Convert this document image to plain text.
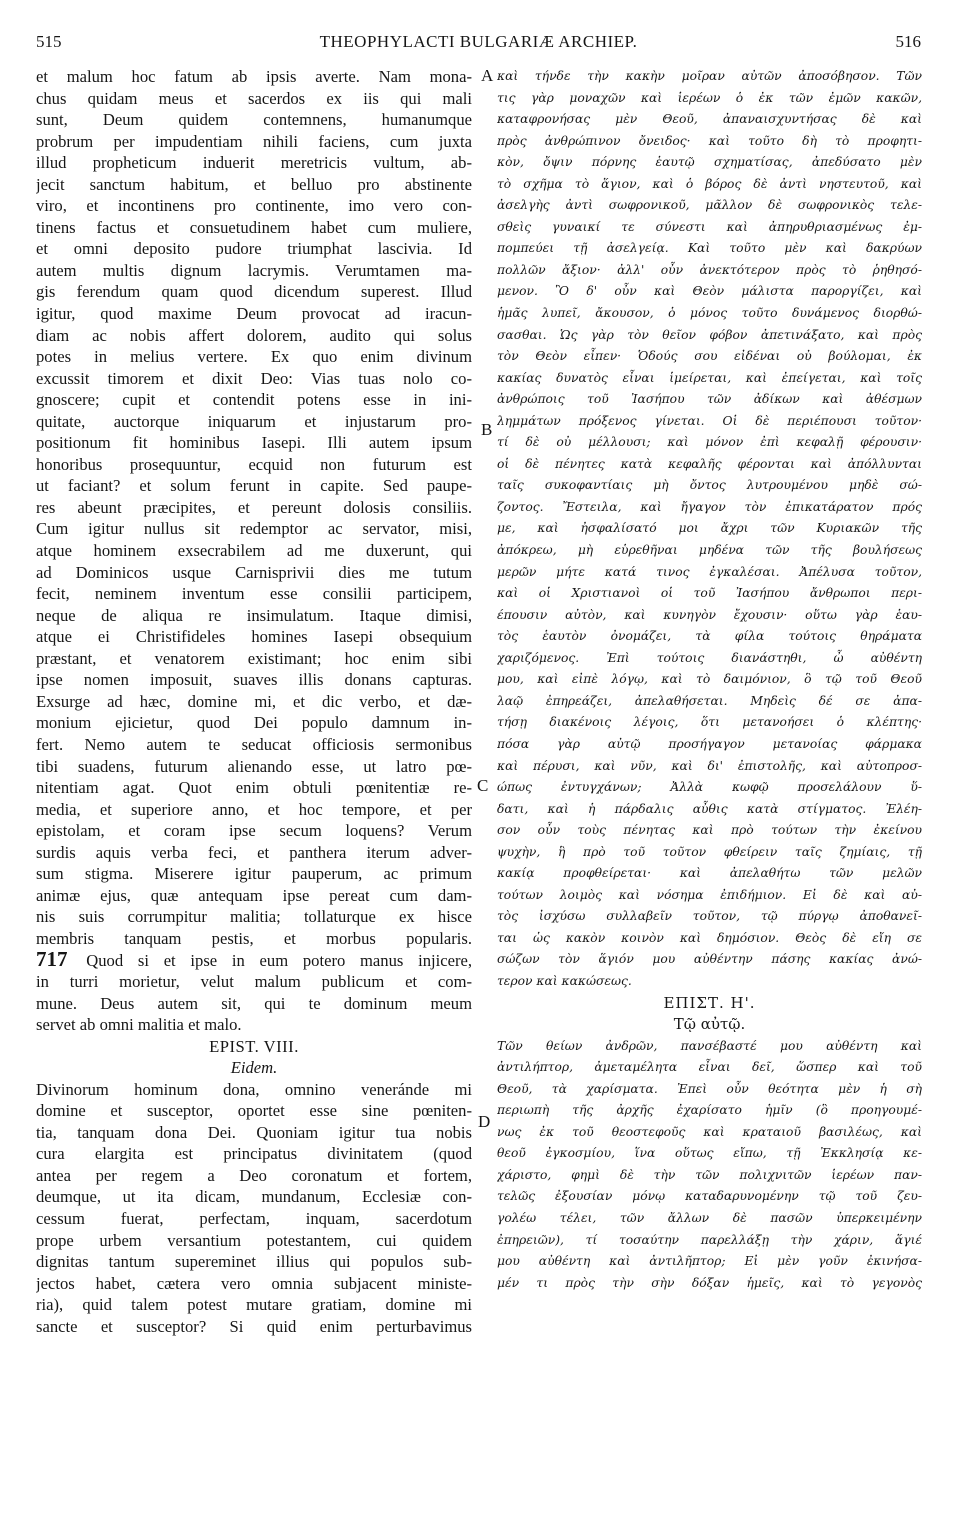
515	THEOPHYLACTI BULGARIÆ ARCHIEP.	516
A
B
C
D
et malum hoc fatum ab ipsis averte. Nam mona-
chus quidam meus et sacerdos ex iis qui mali
sunt, Deum quidem contemnens, humanumque
probrum per impudentiam nihili faciens, cum juxta
illud propheticum induerit meretricis vultum, ab-
jecit sanctum habitum, et belluo pro abstinente
viro, et incontinens pro continente, imo vero con-
tinens factus et consuetudinem habet cum muliere,
et omni deposito pudore triumphat lascivia. Id
autem multis dignum lacrymis. Verumtamen ma-
gis ferendum quam quod dicendum superest. Illud
igitur, quod maxime Deum provocat ad iracun-
diam ac nobis affert dolorem, audito qui solus
potes in melius vertere. Ex quo enim divinum
excussit timorem et dixit Deo: Vias tuas nolo co-
gnoscere; cupit et contendit potens esse in ini-
quitate, auctorque iniquarum et injustarum pro-
positionum fit hominibus Iasepi. Illi autem ipsum
honoribus prosequuntur, ecquid non futurum est
ut faciant? et solum ferunt in capite. Sed paupe-
res abeunt præcipites, et pereunt dolosis consiliis.
Cum igitur nullus sit redemptor ac servator, misi,
atque hominem exsecrabilem ad me duxerunt, qui
ad Dominicos usque Carnisprivii dies me tutum
fecit, neminem inventum esse consilii participem,
neque de aliqua re insimulatum. Itaque dimisi,
atque ei Christifideles homines Iasepi obsequium
præstant, et venatorem existimant; hoc enim sibi
ipse nomen imposuit, suaves illis donans capturas.
Exsurge ad hæc, domine mi, et dic verbo, et dæ-
monium ejicietur, quod Dei populo damnum in-
fert. Nemo autem te seducat officiosis sermonibus
tibi suadens, futurum alienando esse, ut latro pœ-
nitentiam agat. Quot enim obtuli pœnitentiæ re-
media, et superiore anno, et hoc tempore, et per
epistolam, et coram ipse secum loquens? Verum
surdis aquis verba feci, et panthera iterum adver-
sum stigma. Miserere igitur pauperum, ac primum
animæ ejus, quæ antequam ipse pereat cum dam-
nis suis corrumpitur malitia; tollaturque ex hisce
membris tanquam pestis, et morbus popularis.
717 Quod si et ipse in eum potero manus injicere,
in turri morietur, velut malum publicum et com-
mune. Deus autem sit, qui te dominum meum
servet ab omni malitia et malo.
EPIST. VIII.
Eidem.
Divinorum hominum dona, omnino veneránde mi
domine et susceptor, oportet esse sine pœniten-
tia, tanquam dona Dei. Quoniam igitur tua nobis
cura elargita est principatus divinitatem (quod
antea per regem a Deo coronatum et fortem,
deumque, ut ita dicam, mundanum, Ecclesiæ con-
cessum fuerat, perfectam, inquam, sacerdotum
prope urbem versantium potestantem, cui quidem
dignitas tantum supereminet illius qui populos sub-
jectos habet, cætera vero omnia subjacent ministe-
ria), quid talem potest mutare gratiam, domine mi
sancte et susceptor? Si quid enim perturbavimus
καὶ τήνδε τὴν κακὴν μοῖραν αὐτῶν ἀποσόβησον. Τῶν
τις γὰρ μοναχῶν καὶ ἱερέων ὁ ἐκ τῶν ἐμῶν κακῶν,
καταφρονήσας μὲν Θεοῦ, ἀπαναισχυντήσας δὲ καὶ
πρὸς ἀνθρώπινον ὄνειδος· καὶ τοῦτο δὴ τὸ προφητι-
κὸν, ὄψιν πόρνης ἑαυτῷ σχηματίσας, ἀπεδύσατο μὲν
τὸ σχῆμα τὸ ἅγιον, καὶ ὁ βόρος δὲ ἀντὶ νηστευτοῦ, καὶ
ἀσελγὴς ἀντὶ σωφρονικοῦ, μᾶλλον δὲ σωφρονικὸς τελε-
σθεὶς γυναικί τε σύνεστι καὶ ἀπηρυθριασμένως ἐμ-
πομπεύει τῇ ἀσελγείᾳ. Καὶ τοῦτο μὲν καὶ δακρύων
πολλῶν ἄξιον· ἀλλ' οὖν ἀνεκτότερον πρὸς τὸ ῥηθησό-
μενον. Ὃ δ' οὖν καὶ Θεὸν μάλιστα παροργίζει, καὶ
ἡμᾶς λυπεῖ, ἄκουσον, ὁ μόνος τοῦτο δυνάμενος διορθώ-
σασθαι. Ὡς γὰρ τὸν θεῖον φόβον ἀπετινάξατο, καὶ πρὸς
τὸν Θεὸν εἶπεν· Ὁδούς σου εἰδέναι οὐ βούλομαι, ἐκ
κακίας δυνατὸς εἶναι ἱμείρεται, καὶ ἐπείγεται, καὶ τοῖς
ἀνθρώποις τοῦ Ἰασήπου τῶν ἀδίκων καὶ ἀθέσμων
λημμάτων πρόξενος γίνεται. Οἱ δὲ περιέπουσι τοῦτον·
τί δὲ οὐ μέλλουσι; καὶ μόνον ἐπὶ κεφαλῇ φέρουσιν·
οἱ δὲ πένητες κατὰ κεφαλῆς φέρονται καὶ ἀπόλλυνται
ταῖς συκοφαντίαις μὴ ὄντος λυτρουμένου μηδὲ σώ-
ζοντος. Ἔστειλα, καὶ ἤγαγον τὸν ἐπικατάρατον πρός
με, καὶ ἠσφαλίσατό μοι ἄχρι τῶν Κυριακῶν τῆς
ἀπόκρεω, μὴ εὑρεθῆναι μηδένα τῶν τῆς βουλήσεως
μερῶν μήτε κατά τινος ἐγκαλέσαι. Ἀπέλυσα τοῦτον,
καὶ οἱ Χριστιανοὶ οἱ τοῦ Ἰασήπου ἄνθρωποι περι-
έπουσιν αὐτὸν, καὶ κυνηγὸν ἔχουσιν· οὕτω γὰρ ἑαυ-
τὸς ἑαυτὸν ὀνομάζει, τὰ φίλα τούτοις θηράματα
χαριζόμενος. Ἐπὶ τούτοις διανάστηθι, ὦ αὐθέντη
μου, καὶ εἰπὲ λόγῳ, καὶ τὸ δαιμόνιον, ὃ τῷ τοῦ Θεοῦ
λαῷ ἐπηρεάζει, ἀπελαθήσεται. Μηδεὶς δέ σε ἀπα-
τήσῃ διακένοις λέγοις, ὅτι μετανοήσει ὁ κλέπτης·
πόσα γὰρ αὐτῷ προσήγαγον μετανοίας φάρμακα
καὶ πέρυσι, καὶ νῦν, καὶ δι' ἐπιστολῆς, καὶ αὐτοπροσ-
ώπως ἐντυγχάνων; Ἀλλὰ κωφῷ προσελάλουν ὕ-
δατι, καὶ ἡ πάρδαλις αὖθις κατὰ στίγματος. Ἐλέη-
σον οὖν τοὺς πένητας καὶ πρὸ τούτων τὴν ἐκείνου
ψυχὴν, ἣ πρὸ τοῦ τοῦτον φθείρειν ταῖς ζημίαις, τῇ
κακίᾳ προφθείρεται· καὶ ἀπελαθήτω τῶν μελῶν
τούτων λοιμὸς καὶ νόσημα ἐπιδήμιον. Εἰ δὲ καὶ αὐ-
τὸς ἰσχύσω συλλαβεῖν τοῦτον, τῷ πύργῳ ἀποθανεῖ-
ται ὡς κακὸν κοινὸν καὶ δημόσιον. Θεὸς δὲ εἴη σε
σώζων τὸν ἅγιόν μου αὐθέντην πάσης κακίας ἀνώ-
τερον καὶ κακώσεως.
ΕΠΙΣΤ. Η'.
Τῷ αὐτῷ.
Τῶν θείων ἀνδρῶν, πανσέβαστέ μου αὐθέντη καὶ
ἀντιλήπτορ, ἀμεταμέλητα εἶναι δεῖ, ὥσπερ καὶ τοῦ
Θεοῦ, τὰ χαρίσματα. Ἐπεὶ οὖν θεότητα μὲν ἡ σὴ
περιωπὴ τῆς ἀρχῆς ἐχαρίσατο ἡμῖν (ὃ προηγουμέ-
νως ἐκ τοῦ θεοστεφοῦς καὶ κραταιοῦ βασιλέως, καὶ
θεοῦ ἐγκοσμίου, ἵνα οὕτως εἴπω, τῇ Ἐκκλησίᾳ κε-
χάριστο, φημὶ δὲ τὴν τῶν πολιχνιτῶν ἱερέων παν-
τελῶς ἐξουσίαν μόνῳ καταδαρυνομένην τῷ τοῦ ζευ-
γολέω τέλει, τῶν ἄλλων δὲ πασῶν ὑπερκειμένην
ἐπηρειῶν), τί τοσαύτην παρελλάξῃ τὴν χάριν, ἅγιέ
μου αὐθέντη καὶ ἀντιλῆπτορ; Εἰ μὲν γοῦν ἐκινήσα-
μέν τι πρὸς τὴν σὴν δόξαν ἡμεῖς, καὶ τὸ γεγονὸς
